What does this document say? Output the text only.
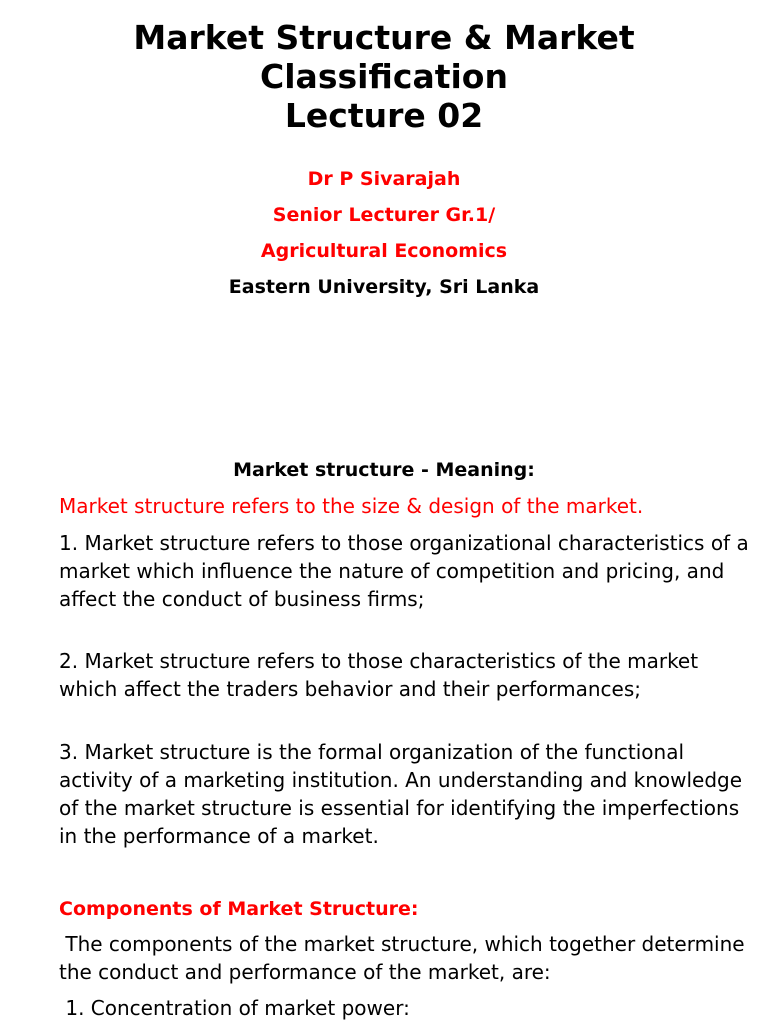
Market Structure & Market
Classification
Lecture 02

Dr P Sivarajah

Senior Lecturer Gr.1/

Agricultural Economics

Eastern University, Sri Lanka

Market structure - Meaning:

Market structure refers to the size & design of the market.

1. Market structure refers to those organizational characteristics of a market which influence the nature of competition and pricing, and affect the conduct of business firms;

2. Market structure refers to those characteristics of the market which affect the traders behavior and their performances;

3. Market structure is the formal organization of the functional activity of a marketing institution. An understanding and knowledge of the market structure is essential for identifying the imperfections in the performance of a market.

Components of Market Structure:

The components of the market structure, which together determine the conduct and performance of the market, are:

1. Concentration of market power:
